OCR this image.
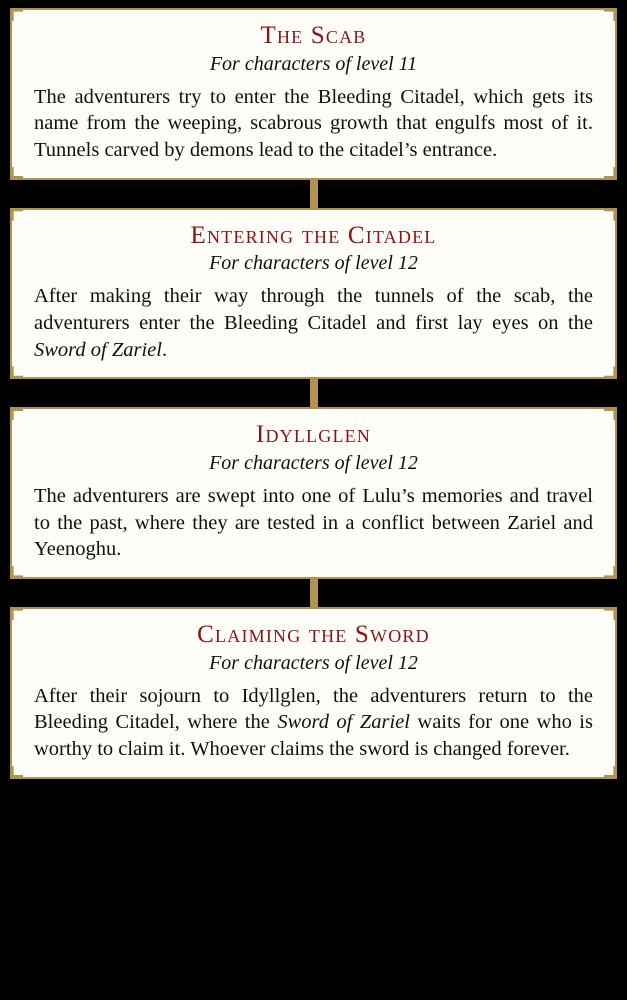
The Scab
For characters of level 11
The adventurers try to enter the Bleeding Citadel, which gets its name from the weeping, scabrous growth that engulfs most of it. Tunnels carved by demons lead to the citadel’s entrance.
Entering the Citadel
For characters of level 12
After making their way through the tunnels of the scab, the adventurers enter the Bleeding Citadel and first lay eyes on the Sword of Zariel.
Idyllglen
For characters of level 12
The adventurers are swept into one of Lulu’s memories and travel to the past, where they are tested in a conflict between Zariel and Yeenoghu.
Claiming the Sword
For characters of level 12
After their sojourn to Idyllglen, the adventurers return to the Bleeding Citadel, where the Sword of Zariel waits for one who is worthy to claim it. Whoever claims the sword is changed forever.
